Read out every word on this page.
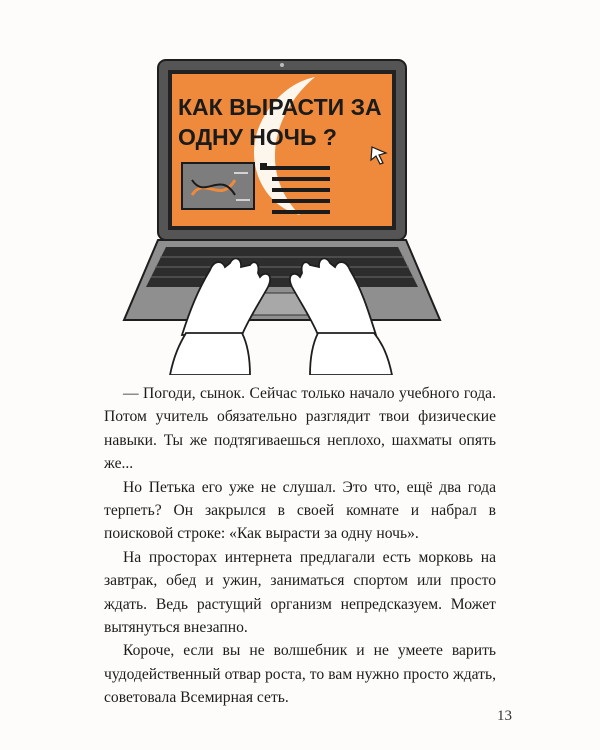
КАК ВЫРАСТИ ЗА
ОДНУ НОЧЬ ?

— Погоди, сынок. Сейчас только начало учебного года. Потом учитель обязательно разглядит твои физические навыки. Ты же подтягиваешься неплохо, шахматы опять же...

Но Петька его уже не слушал. Это что, ещё два года терпеть? Он закрылся в своей комнате и набрал в поисковой строке: «Как вырасти за одну ночь».

На просторах интернета предлагали есть морковь на завтрак, обед и ужин, заниматься спортом или просто ждать. Ведь растущий организм непредсказуем. Может вытянуться внезапно.

Короче, если вы не волшебник и не умеете варить чудодейственный отвар роста, то вам нужно просто ждать, советовала Всемирная сеть.

13
